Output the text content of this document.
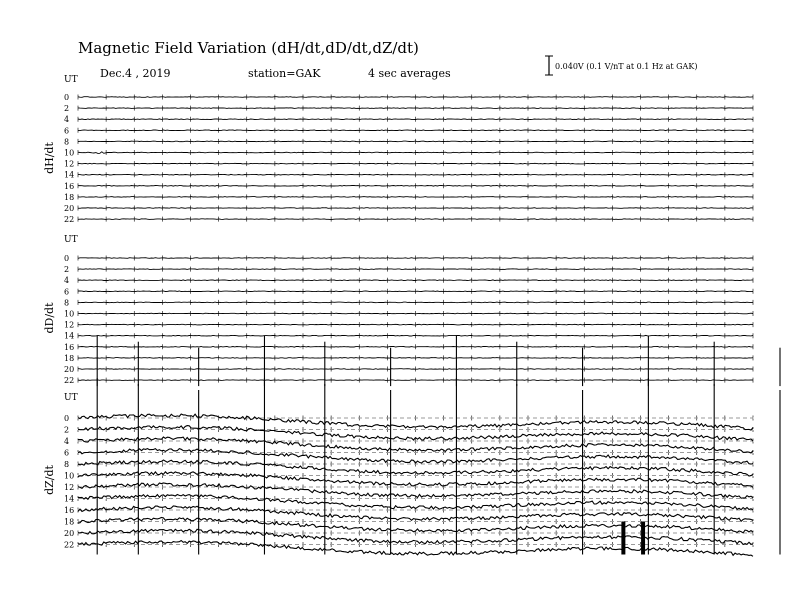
Magnetic Field Variation (dH/dt,dD/dt,dZ/dt)
Dec.4 , 2019	station=GAK	4 sec averages
0.040V (0.1 V/nT at 0.1 Hz at GAK)
UT
dH/dt
0
2
4
6
8
10
12
14
16
18
20
22
UT
dD/dt
0
2
4
6
8
10
12
14
16
18
20
22
UT
dZ/dt
0
2
4
6
8
10
12
14
16
18
20
22
